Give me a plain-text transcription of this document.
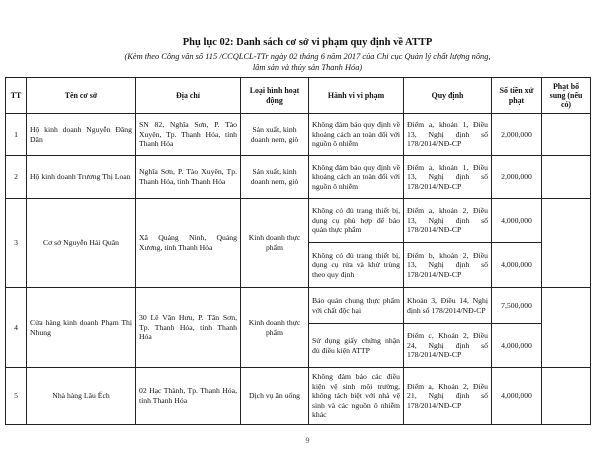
Phụ lục 02: Danh sách cơ sở vi phạm quy định về ATTP
(Kèm theo Công văn số 115 /CCQLCL-TTr ngày 02 tháng 6 năm 2017 của Chi cục Quản lý chất lượng nông,
lâm sản và thủy sản Thanh Hóa)
TT	Tên cơ sở	Địa chỉ	Loại hình hoạt động	Hành vi vi phạm	Quy định	Số tiền xử phạt	Phạt bổ sung (nếu có)
1	Hộ kinh doanh Nguyễn Đăng Dân	SN 82, Nghĩa Sơn, P. Tào Xuyên, Tp. Thanh Hóa, tỉnh Thanh Hóa	Sản xuất, kinh doanh nem, giò	Không đảm bảo quy định về khoảng cách an toàn đối với nguồn ô nhiễm	Điểm a, khoản 1, Điều 13, Nghị định số 178/2014/NĐ-CP	2,000,000	
2	Hộ kinh doanh Trương Thị Loan	Nghĩa Sơn, P. Tào Xuyên, Tp. Thanh Hóa, tỉnh Thanh Hóa	Sản xuất, kinh doanh nem, giò	Không đảm bảo quy định về khoảng cách an toàn đối với nguồn ô nhiễm	Điểm a, khoản 1, Điều 13, Nghị định số 178/2014/NĐ-CP	2,000,000	
3	Cơ sở Nguyễn Hải Quân	Xã Quảng Ninh, Quảng Xương, tỉnh Thanh Hóa	Kinh doanh thực phẩm	Không có đủ trang thiết bị, dụng cụ phù hợp để bảo quản thực phẩm	Điểm a, khoản 2, Điều 13, Nghị định số 178/2014/NĐ-CP	4,000,000	
				Không có đủ trang thiết bị, dụng cụ rửa và khử trùng theo quy định	Điểm b, khoản 2, Điều 13, Nghị định số 178/2014/NĐ-CP	4,000,000	
4	Cửa hàng kinh doanh Phạm Thị Nhung	30 Lê Văn Hưu, P. Tân Sơn, Tp. Thanh Hóa, tỉnh Thanh Hóa	Kinh doanh thực phẩm	Bảo quản chung thực phẩm với chất độc hại	Khoản 3, Điều 14, Nghị định số 178/2014/NĐ-CP	7,500,000	
				Sử dụng giấy chứng nhận đủ điều kiện ATTP	Điểm c, Khoản 2, Điều 24, Nghị định số 178/2014/NĐ-CP	4,000,000	
5	Nhà hàng Lâu Ếch	02 Hạc Thành, Tp. Thanh Hóa, tỉnh Thanh Hóa	Dịch vụ ăn uống	Không đảm bảo các điều kiện vệ sinh môi trường, không tách biệt với nhà vệ sinh và các nguồn ô nhiễm khác	Điểm a, Khoản 2, Điều 21, Nghị định số 178/2014/NĐ-CP	4,000,000	
9
